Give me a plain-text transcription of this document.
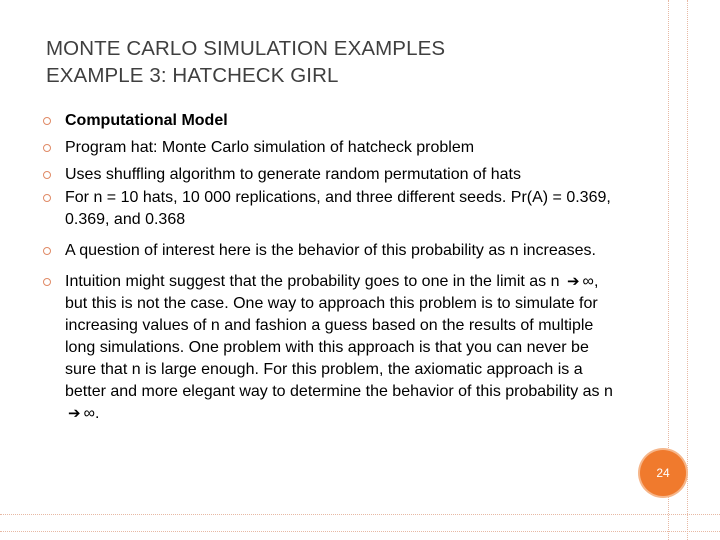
MONTE CARLO SIMULATION EXAMPLES
EXAMPLE 3: HATCHECK GIRL
Computational Model
Program hat: Monte Carlo simulation of hatcheck problem
Uses shuffling algorithm to generate random permutation of hats
For n = 10 hats, 10 000 replications, and three different seeds. Pr(A) = 0.369, 0.369, and 0.368
A question of interest here is the behavior of this probability as n increases.
Intuition might suggest that the probability goes to one in the limit as n ➔ ∞, but this is not the case. One way to approach this problem is to simulate for increasing values of n and fashion a guess based on the results of multiple long simulations. One problem with this approach is that you can never be sure that n is large enough. For this problem, the axiomatic approach is a better and more elegant way to determine the behavior of this probability as n ➔ ∞.
24
